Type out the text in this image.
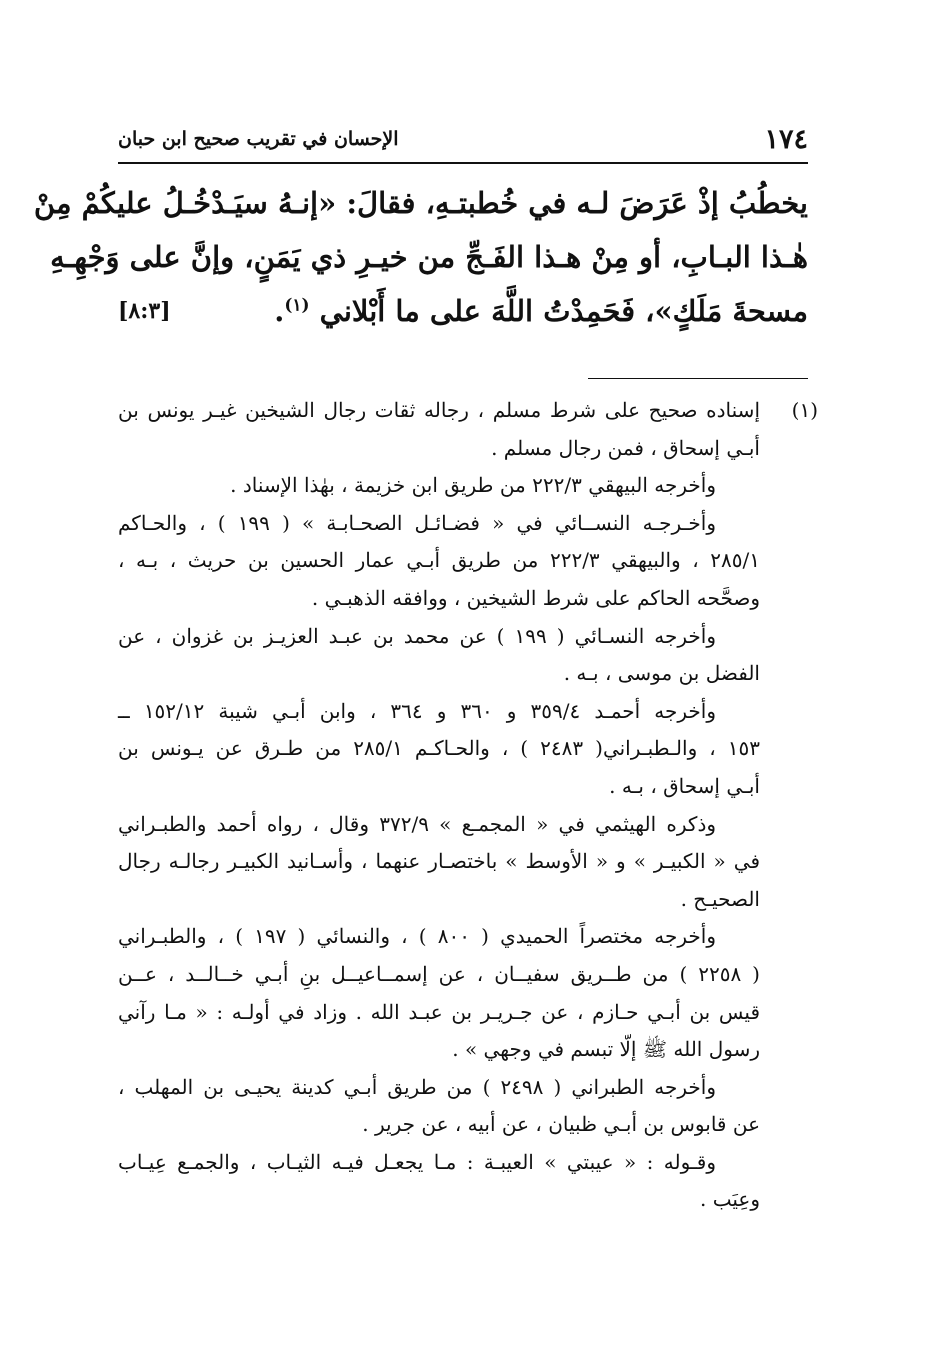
١٧٤
الإحسان في تقريب صحيح ابن حبان
يخطُبُ إذْ عَرَضَ لـه في خُطبتـهِ، فقالَ: «إنـهُ سيَـدْخُـلُ عليكُمْ مِنْ
هٰـذا البـابِ، أو مِنْ هـذا الفَـجِّ من خيـرِ ذي يَمَنٍ، وإنَّ على وَجْهِـهِ
مسحةَ مَلَكٍ»، فَحَمِدْتُ اللَّهَ على ما أَبْلاني $^{(١)}$.
[٨:٣]
(١)
إسناده صحيح على شرط مسلم ، رجاله ثقات رجال الشيخين غيـر يونس بن
أبـي إسحاق ، فمن رجال مسلم .
وأخرجه البيهقي ٢٢٢/٣ من طريق ابن خزيمة ، بهٰذا الإسناد .
وأخـرجـه النســائي في « فضـائـل الصحـابـة » ( ١٩٩ ) ، والحـاكم
٢٨٥/١ ، والبيهقي ٢٢٢/٣ من طريق أبـي عمار الحسين بن حريث ، بـه ،
وصحَّحه الحاكم على شرط الشيخين ، ووافقه الذهبـي .
وأخرجه النسـائي ( ١٩٩ ) عن محمد بن عبـد العزيـز بن غزوان ، عن
الفضل بن موسى ، بـه .
وأخرجه أحمـد ٣٥٩/٤ و ٣٦٠ و ٣٦٤ ، وابن أبـي شيبة ١٥٢/١٢ ــ
١٥٣ ، والـطبـراني( ٢٤٨٣ ) ، والحـاكـم ٢٨٥/١ من طـرق عن يـونس بن
أبـي إسحاق ، بـه .
وذكره الهيثمي في « المجمـع » ٣٧٢/٩ وقال ، رواه أحمد والطبـراني
في « الكبيـر » و « الأوسط » باختصـار عنهما ، وأسـانيد الكبيـر رجالـه رجال
الصحيـح .
وأخرجه مختصراً الحميدي ( ٨٠٠ ) ، والنسائي ( ١٩٧ ) ، والطبـراني
( ٢٢٥٨ ) من طــريق سفيــان ، عن إسمــاعيــل بنِ أبـي خــالــد ، عــن
قيس بن أبـي حـازم ، عن جـريـر بن عبـد الله . وزاد في أولـه : « مـا رآني
رسول الله ﷺ إلّا تبسم في وجهي » .
وأخرجه الطبراني ( ٢٤٩٨ ) من طريق أبـي كدينة يحيـى بن المهلب ،
عن قابوس بن أبـي ظبيان ، عن أبيه ، عن جرير .
وقـوله : « عيبتي » العيبـة : مـا يجعـل فيـه الثيـاب ، والجمـع عِيـاب
وعِيَب .
